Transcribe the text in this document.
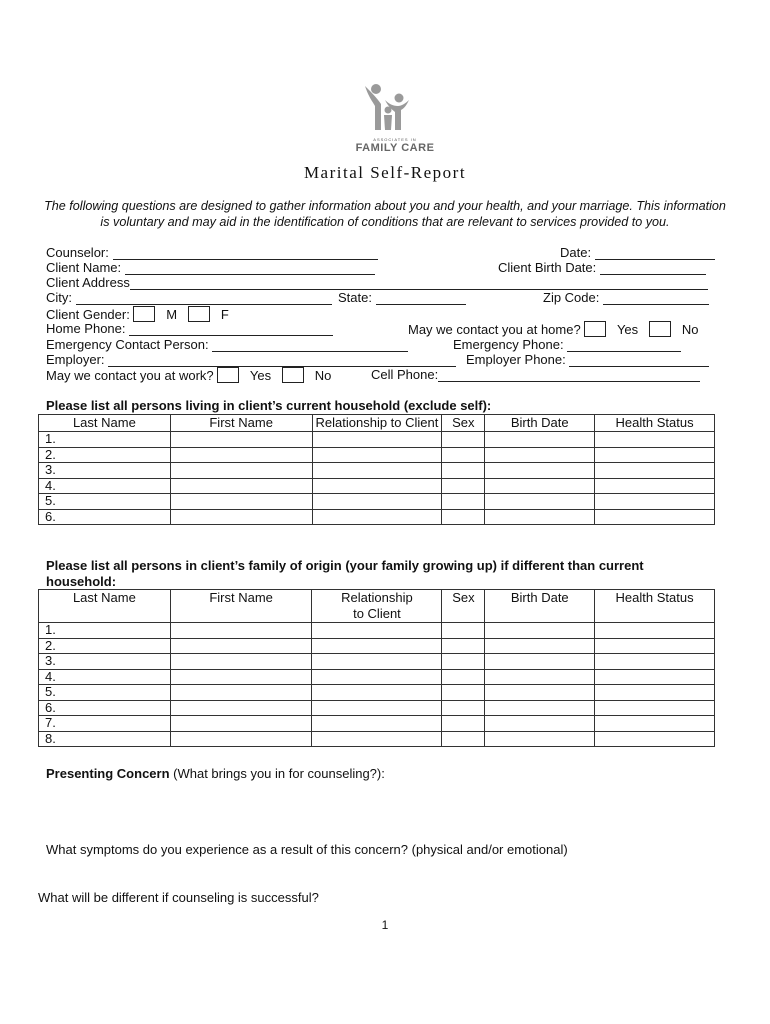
ASSOCIATES IN
FAMILY CARE
Marital Self-Report
The following questions are designed to gather information about you and your health, and your marriage. This information is voluntary and may aid in the identification of conditions that are relevant to services provided to you.
Counselor:	Date:
Client Name:	Client Birth Date:
Client Address
City:	State:	Zip Code:
Client Gender:	M	F
Home Phone:	May we contact you at home?	Yes	No
Emergency Contact Person:	Emergency Phone:
Employer:	Employer Phone:
May we contact you at work?	Yes	No	Cell Phone:
Please list all persons living in client’s current household (exclude self):
Last Name	First Name	Relationship to Client	Sex	Birth Date	Health Status
1.					
2.					
3.					
4.					
5.					
6.					
Please list all persons in client’s family of origin (your family growing up) if different than current
household:
Last Name	First Name	Relationship to Client	Sex	Birth Date	Health Status
1.					
2.					
3.					
4.					
5.					
6.					
7.					
8.					
Presenting Concern (What brings you in for counseling?):
What symptoms do you experience as a result of this concern? (physical and/or emotional)
What will be different if counseling is successful?
1
